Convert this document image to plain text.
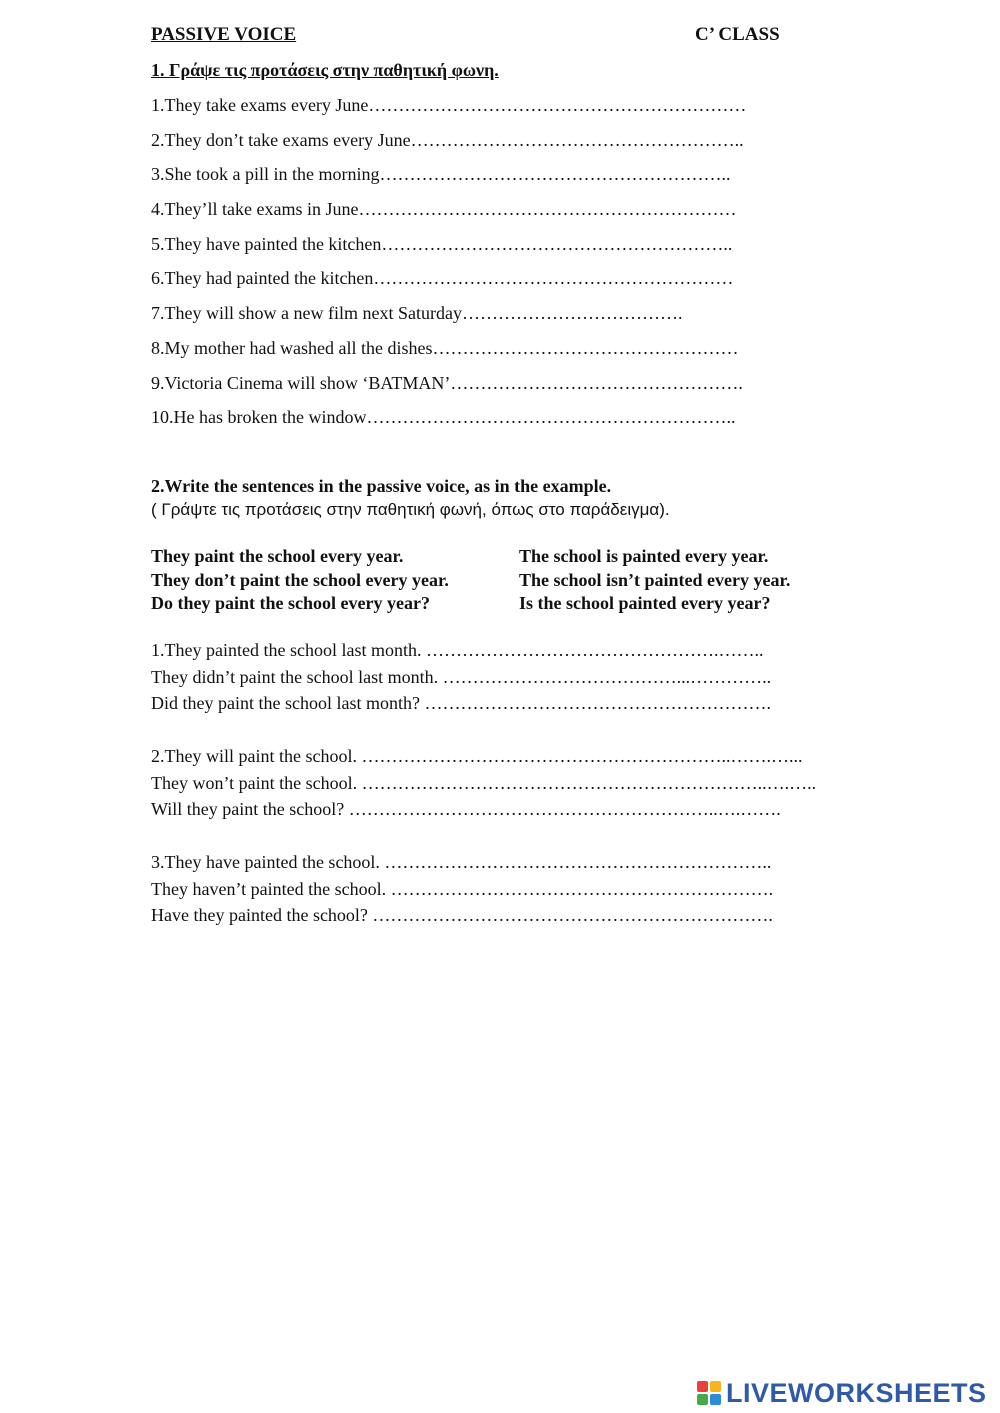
PASSIVE VOICE	C’ CLASS
1. Γράψε τις προτάσεις στην παθητική φωνη.
1.They take exams every June………………………………………………………
2.They don’t take exams every June………………………………………………..
3.She took a pill in the morning…………………………………………………..
4.They’ll take exams in June………………………………………………………
5.They have painted the kitchen…………………………………………………..
6.They had painted the kitchen……………………………………………………
7.They will show a new film next Saturday……………………………….
8.My mother had washed all the dishes……………………………………………
9.Victoria Cinema will show ‘BATMAN’………………………………………….
10.He has broken the window……………………………………………………..
2.Write the sentences in the passive voice, as in the example.
( Γράψτε τις προτάσεις στην παθητική φωνή, όπως στο παράδειγμα).
They paint the school every year.
They don’t paint the school every year.
Do they paint the school every year?
The school is painted every year.
The school isn’t painted every year.
Is the school painted every year?
1.They painted the school last month. ………………………………………….……..
They didn’t paint the school last month. …………………………………...…………..
Did they paint the school last month? ………………………………………………….
2.They will paint the school. ……………………………………………………..…….…...
They won’t paint the school. …………………………………………………………..….…..
Will they paint the school? ……………………………………………………..….…….
3.They have painted the school. ………………………………………………………..
They haven’t painted the school. ……………………………………………………….
Have they painted the school? ………………………………………………………….
LIVEWORKSHEETS
